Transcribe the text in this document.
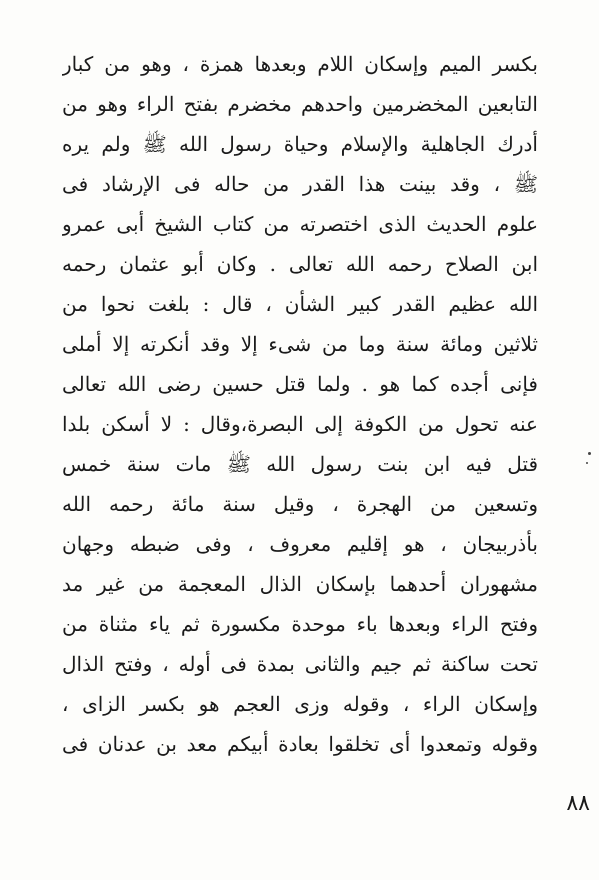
بكسر الميم وإسكان اللام وبعدها همزة ، وهو من كبار
التابعين المخضرمين واحدهم مخضرم بفتح الراء وهو من
أدرك الجاهلية والإسلام وحياة رسول الله ﷺ ولم يره
ﷺ ، وقد بينت هذا القدر من حاله فى الإرشاد فى
علوم الحديث الذى اختصرته من كتاب الشيخ أبى عمرو
ابن الصلاح رحمه الله تعالى . وكان أبو عثمان رحمه
الله عظيم القدر كبير الشأن ، قال : بلغت نحوا من
ثلاثين ومائة سنة وما من شىء إلا وقد أنكرته إلا أملى
فإنى أجده كما هو . ولما قتل حسين رضى الله تعالى
عنه تحول من الكوفة إلى البصرة،وقال : لا أسكن بلدا
قتل فيه ابن بنت رسول الله ﷺ مات سنة خمس
وتسعين من الهجرة ، وقيل سنة مائة رحمه الله
بأذربيجان ، هو إقليم معروف ، وفى ضبطه وجهان
مشهوران أحدهما بإسكان الذال المعجمة من غير مد
وفتح الراء وبعدها باء موحدة مكسورة ثم ياء مثناة من
تحت ساكنة ثم جيم والثانى بمدة فى أوله ، وفتح الذال
وإسكان الراء ، وقوله وزى العجم هو بكسر الزاى ،
وقوله وتمعدوا أى تخلقوا بعادة أبيكم معد بن عدنان فى
٨٨
